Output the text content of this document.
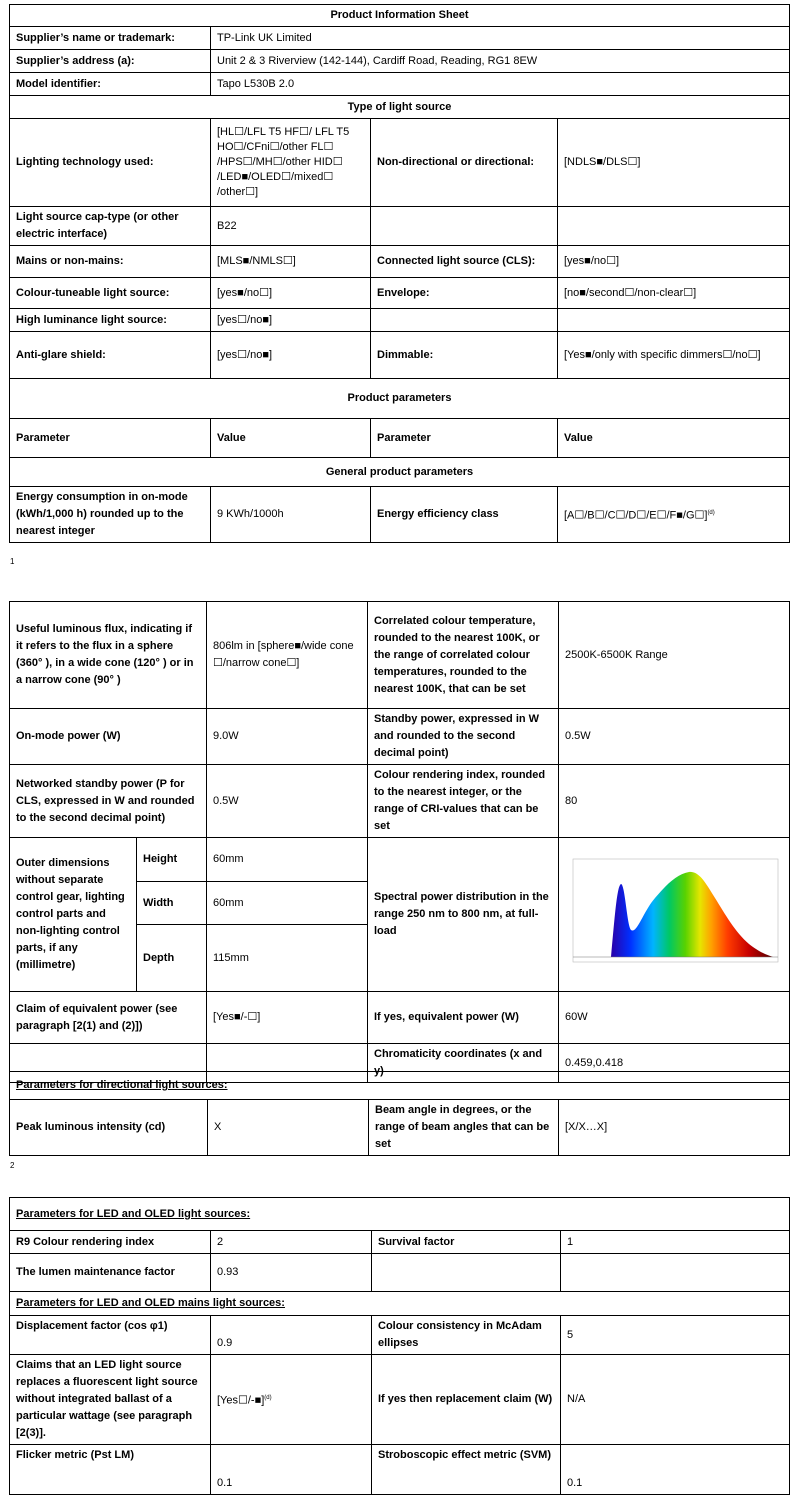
Product Information Sheet			
Supplier’s name or trademark:	TP-Link UK Limited		
Supplier’s address (a):	Unit 2 & 3 Riverview (142-144), Cardiff Road, Reading, RG1 8EW		
Model identifier:	Tapo L530B 2.0		
Type of light source			
Lighting technology used:	[HL☐/LFL T5 HF☐/ LFL T5 HO☐/CFni☐/other FL☐ /HPS☐/MH☐/other HID☐ /LED■/OLED☐/mixed☐ /other☐]	Non-directional or directional:	[NDLS■/DLS☐]
Light source cap-type (or other electric interface)	B22		
Mains or non-mains:	[MLS■/NMLS☐]	Connected light source (CLS):	[yes■/no☐]
Colour-tuneable light source:	[yes■/no☐]	Envelope:	[no■/second☐/non-clear☐]
High luminance light source:	[yes☐/no■]		
Anti-glare shield:	[yes☐/no■]	Dimmable:	[Yes■/only with specific dimmers☐/no☐]
Product parameters			
Parameter	Value	Parameter	Value
General product parameters			
Energy consumption in on-mode (kWh/1,000 h) rounded up to the nearest integer	9 KWh/1000h	Energy efficiency class	[A☐/B☐/C☐/D☐/E☐/F■/G☐]$^{(d)}$
1
Useful luminous flux, indicating if it refers to the flux in a sphere (360° ), in a wide cone (120° ) or in a narrow cone (90° )		806lm in [sphere■/wide cone ☐/narrow cone☐]	Correlated colour temperature, rounded to the nearest 100K, or the range of correlated colour temperatures, rounded to the nearest 100K, that can be set	2500K-6500K Range
On-mode power (W)		9.0W	Standby power, expressed in W and rounded to the second decimal point)	0.5W
Networked standby power (P for CLS, expressed in W and rounded to the second decimal point)		0.5W	Colour rendering index, rounded to the nearest integer, or the range of CRI-values that can be set	80
Outer dimensions without separate control gear, lighting control parts and non-lighting control parts, if any (millimetre)	Height	60mm	Spectral power distribution in the range 250 nm to 800 nm, at full-load	

	Width	60mm		
	Depth	115mm		
Claim of equivalent power (see paragraph [2(1) and (2)])		[Yes■/-☐]	If yes, equivalent power (W)	60W
			Chromaticity coordinates (x and y)	0.459,0.418
Parameters for directional light sources:
Peak luminous intensity (cd)	X	Beam angle in degrees, or the range of beam angles that can be set	[X/X…X]
2
Parameters for LED and OLED light sources:			
R9 Colour rendering index	2	Survival factor	1
The lumen maintenance factor	0.93		
Parameters for LED and OLED mains light sources:			
Displacement factor (cos φ1)	0.9	Colour consistency in McAdam ellipses	5
Claims that an LED light source replaces a fluorescent light source without integrated ballast of a particular wattage (see paragraph [2(3)].	[Yes☐/-■]$^{(d)}$	If yes then replacement claim (W)	N/A
Flicker metric (Pst LM)	0.1	Stroboscopic effect metric (SVM)	0.1
